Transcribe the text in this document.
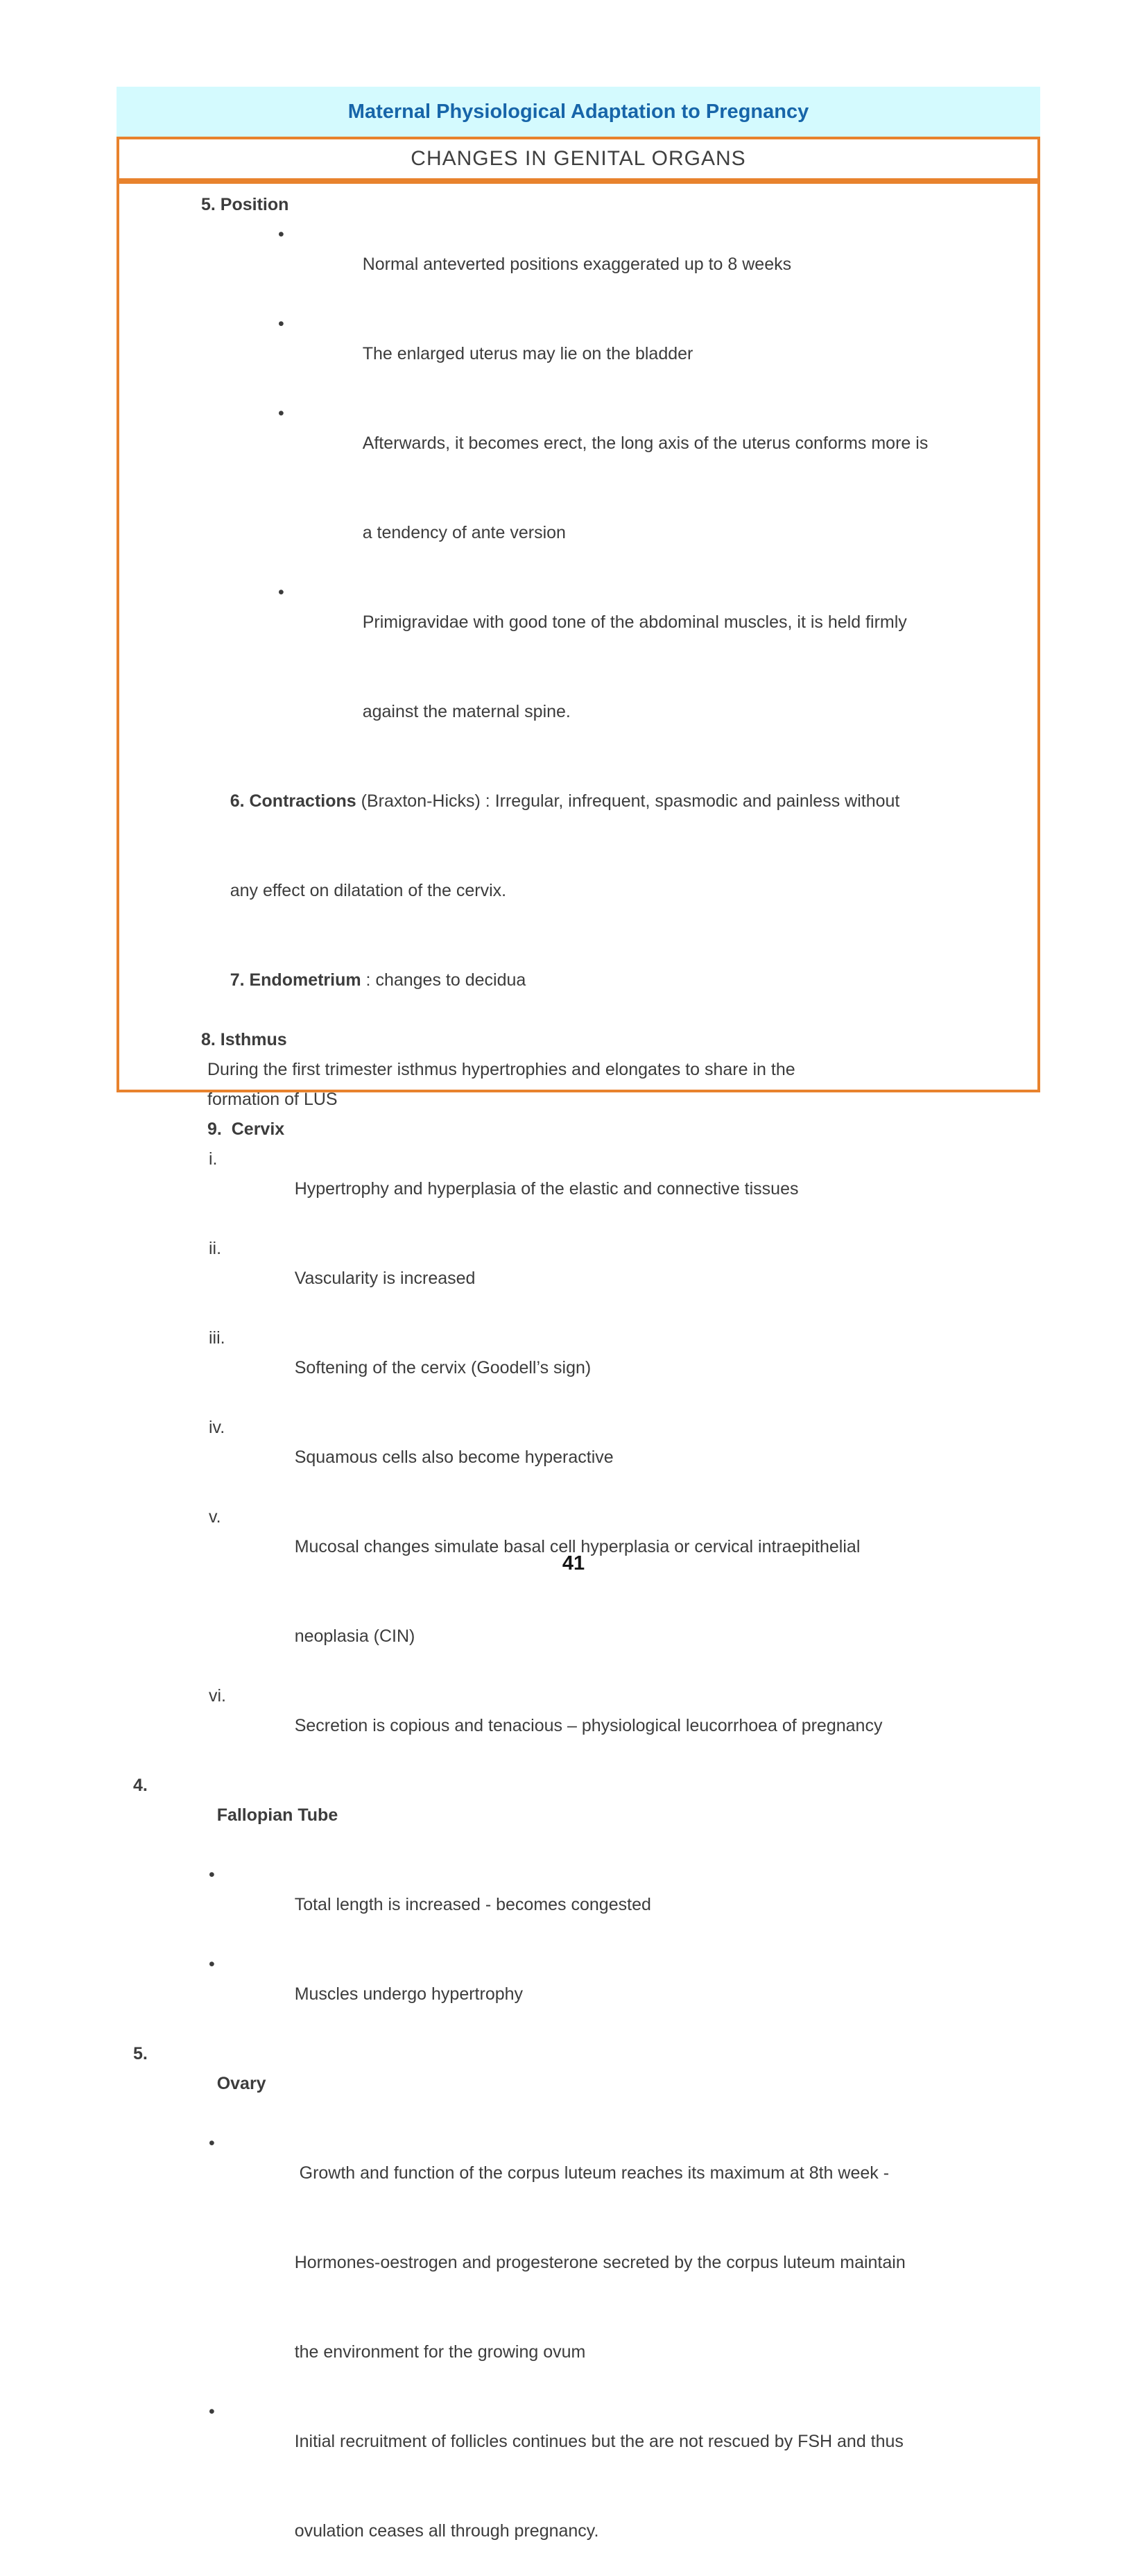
Maternal Physiological Adaptation to Pregnancy
CHANGES IN GENITAL ORGANS
5. Position

•
Normal anteverted positions exaggerated up to 8 weeks

•
The enlarged uterus may lie on the bladder

•
Afterwards, it becomes erect, the long axis of the uterus conforms more is

a tendency of ante version

•
Primigravidae with good tone of the abdominal muscles, it is held firmly

against the maternal spine.

6. Contractions (Braxton-Hicks) : Irregular, infrequent, spasmodic and painless without

any effect on dilatation of the cervix.

7. Endometrium : changes to decidua

8. Isthmus
During the first trimester isthmus hypertrophies and elongates to share in the
formation of LUS
9.  Cervix

i.
Hypertrophy and hyperplasia of the elastic and connective tissues

ii.
Vascularity is increased

iii.
Softening of the cervix (Goodell’s sign)

iv.
Squamous cells also become hyperactive

v.
Mucosal changes simulate basal cell hyperplasia or cervical intraepithelial

neoplasia (CIN)

vi.
Secretion is copious and tenacious – physiological leucorrhoea of pregnancy

4.
Fallopian Tube

•
Total length is increased - becomes congested

•
Muscles undergo hypertrophy

5.
Ovary

•
Growth and function of the corpus luteum reaches its maximum at 8th week -

Hormones-oestrogen and progesterone secreted by the corpus luteum maintain

the environment for the growing ovum

•
Initial recruitment of follicles continues but the are not rescued by FSH and thus

ovulation ceases all through pregnancy.

41
